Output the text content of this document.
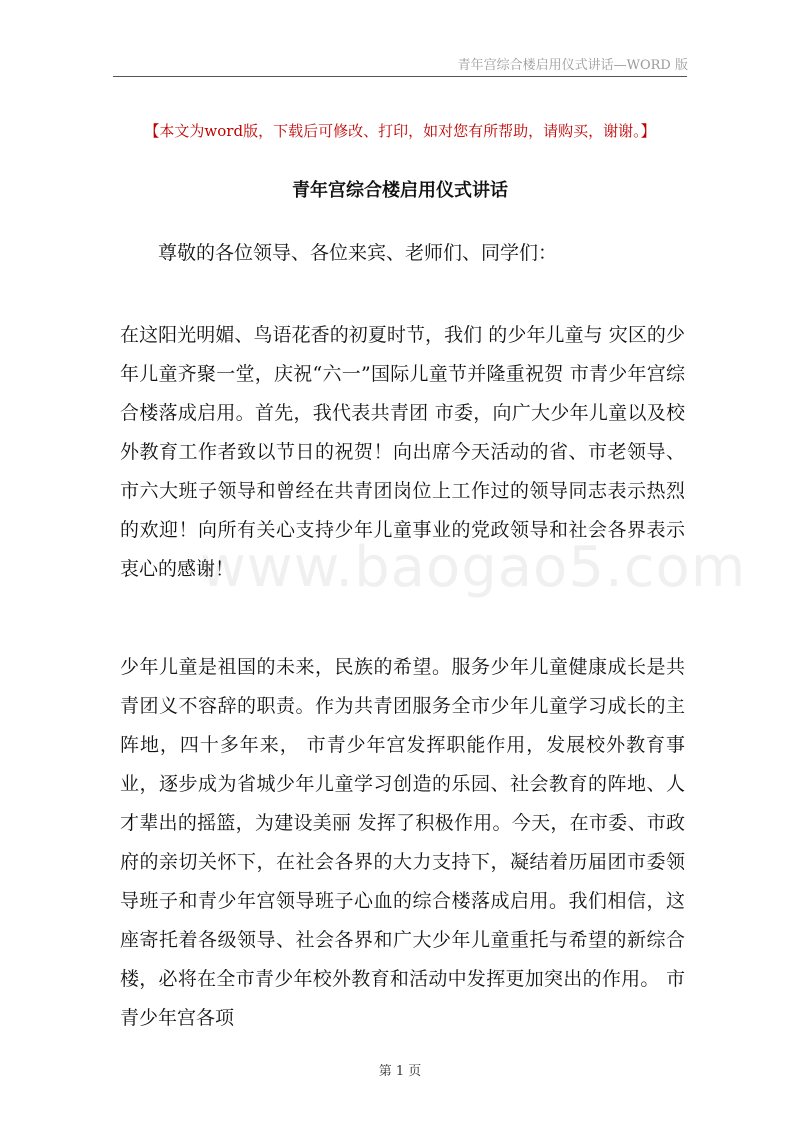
青年宫综合楼启用仪式讲话—WORD 版
【本文为word版，下载后可修改、打印，如对您有所帮助，请购买，谢谢。】
青年宫综合楼启用仪式讲话
尊敬的各位领导、各位来宾、老师们、同学们：
www.baogao5.com
在这阳光明媚、鸟语花香的初夏时节，我们 的少年儿童与 灾区的少年儿童齐聚一堂，庆祝“六一”国际儿童节并隆重祝贺 市青少年宫综合楼落成启用。首先，我代表共青团 市委，向广大少年儿童以及校外教育工作者致以节日的祝贺！向出席今天活动的省、市老领导、市六大班子领导和曾经在共青团岗位上工作过的领导同志表示热烈的欢迎！向所有关心支持少年儿童事业的党政领导和社会各界表示衷心的感谢！
少年儿童是祖国的未来，民族的希望。服务少年儿童健康成长是共青团义不容辞的职责。作为共青团服务全市少年儿童学习成长的主阵地，四十多年来， 市青少年宫发挥职能作用，发展校外教育事业，逐步成为省城少年儿童学习创造的乐园、社会教育的阵地、人才辈出的摇篮，为建设美丽 发挥了积极作用。今天，在市委、市政府的亲切关怀下，在社会各界的大力支持下，凝结着历届团市委领导班子和青少年宫领导班子心血的综合楼落成启用。我们相信，这座寄托着各级领导、社会各界和广大少年儿童重托与希望的新综合楼，必将在全市青少年校外教育和活动中发挥更加突出的作用。 市青少年宫各项
第 1 页
